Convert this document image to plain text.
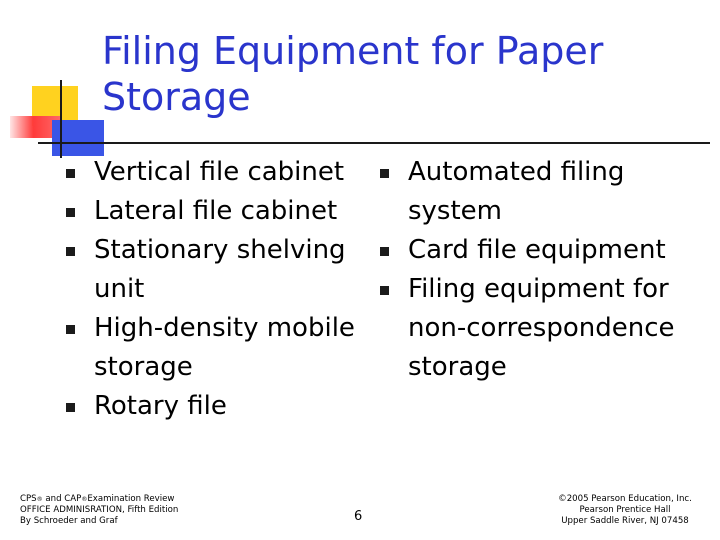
Filing Equipment for Paper Storage
Vertical file cabinet
Lateral file cabinet
Stationary shelving unit
High-density mobile storage
Rotary file
Automated filing system
Card file equipment
Filing equipment for non-correspondence storage
CPS® and CAP®Examination Review
OFFICE ADMINISRATION, Fifth Edition
By Schroeder and Graf	6
©2005 Pearson Education, Inc.
Pearson Prentice Hall
Upper Saddle River, NJ 07458
